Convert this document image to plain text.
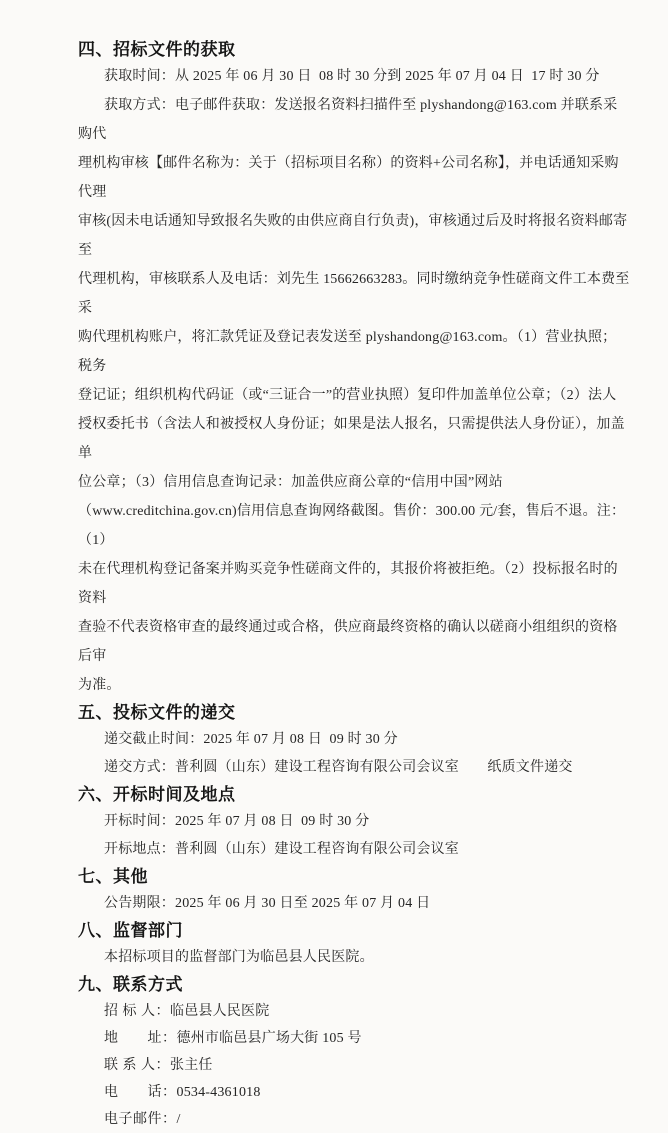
四、招标文件的获取
获取时间：从 2025 年 06 月 30 日  08 时 30 分到 2025 年 07 月 04 日  17 时 30 分
获取方式：电子邮件获取：发送报名资料扫描件至 plyshandong@163.com 并联系采购代
理机构审核【邮件名称为：关于（招标项目名称）的资料+公司名称】，并电话通知采购代理
审核(因未电话通知导致报名失败的由供应商自行负责)，审核通过后及时将报名资料邮寄至
代理机构，审核联系人及电话：刘先生 15662663283。同时缴纳竞争性磋商文件工本费至采
购代理机构账户，将汇款凭证及登记表发送至 plyshandong@163.com。（1）营业执照；税务
登记证；组织机构代码证（或“三证合一”的营业执照）复印件加盖单位公章；（2）法人
授权委托书（含法人和被授权人身份证；如果是法人报名，只需提供法人身份证），加盖单
位公章；（3）信用信息查询记录：加盖供应商公章的“信用中国”网站
（www.creditchina.gov.cn)信用信息查询网络截图。售价：300.00 元/套，售后不退。注：（1）
未在代理机构登记备案并购买竞争性磋商文件的，其报价将被拒绝。（2）投标报名时的资料
查验不代表资格审查的最终通过或合格，供应商最终资格的确认以磋商小组组织的资格后审
为准。
五、投标文件的递交
递交截止时间：2025 年 07 月 08 日  09 时 30 分
递交方式：普利圆（山东）建设工程咨询有限公司会议室　　纸质文件递交
六、开标时间及地点
开标时间：2025 年 07 月 08 日  09 时 30 分
开标地点：普利圆（山东）建设工程咨询有限公司会议室
七、其他
公告期限：2025 年 06 月 30 日至 2025 年 07 月 04 日
八、监督部门
本招标项目的监督部门为临邑县人民医院。
九、联系方式
招 标 人：临邑县人民医院
地　　址：德州市临邑县广场大街 105 号
联 系 人：张主任
电　　话：0534-4361018
电子邮件：/
